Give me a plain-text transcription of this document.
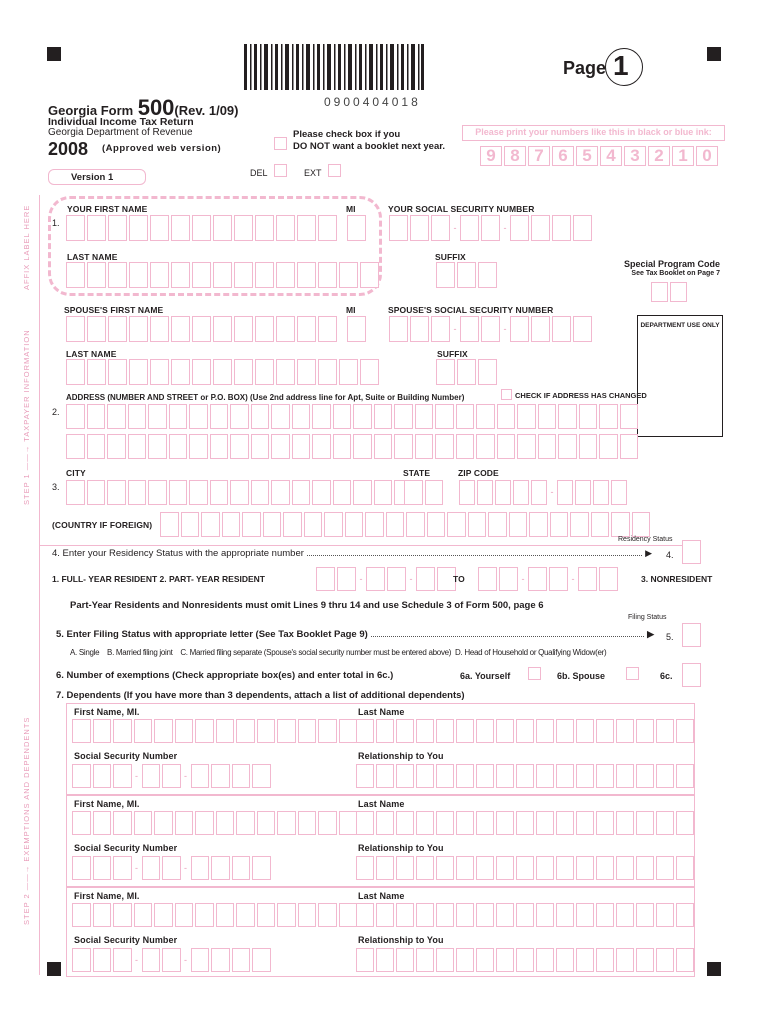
0900404018
Page 1
Georgia Form 500(Rev. 1/09)
Individual Income Tax Return
Georgia Department of Revenue
2008 (Approved web version)
Please check box if you
DO NOT want a booklet next year.
Please print your numbers like this in black or blue ink:
9 8 7 6 5 4 3 2 1 0
DEL	EXT
Version 1
AFFIX LABEL HERE
STEP 1 ——→ TAXPAYER INFORMATION
STEP 2 ——→ EXEMPTIONS AND DEPENDENTS
YOUR FIRST NAME	MI	YOUR SOCIAL SECURITY NUMBER
1.	-	-
LAST NAME	SUFFIX
Special Program Code
See Tax Booklet on Page 7
SPOUSE'S FIRST NAME	MI	SPOUSE'S SOCIAL SECURITY NUMBER
-	-	DEPARTMENT USE ONLY
LAST NAME	SUFFIX
ADDRESS (NUMBER AND STREET or P.O. BOX) (Use 2nd address line for Apt, Suite or Building Number)	CHECK IF ADDRESS HAS CHANGED
2.
CITY	STATE	ZIP CODE
3.	-
(COUNTRY IF FOREIGN)
Residency Status
4. Enter your Residency Status with the appropriate number	▶ 4.
1. FULL- YEAR RESIDENT 2. PART- YEAR RESIDENT	-	-	TO	-	-	3. NONRESIDENT
Part-Year Residents and Nonresidents must omit Lines 9 thru 14 and use Schedule 3 of Form 500, page 6
Filing Status
5. Enter Filing Status with appropriate letter (See Tax Booklet Page 9)	▶ 5.
A. Single B. Married filing joint C. Married filing separate (Spouse's social security number must be entered above) D. Head of Household or Qualifying Widow(er)
6. Number of exemptions (Check appropriate box(es) and enter total in 6c.)	6a. Yourself	6b. Spouse	6c.
7. Dependents (If you have more than 3 dependents, attach a list of additional dependents)
First Name, MI.	Last Name
Social Security Number	Relationship to You
-	-
First Name, MI.	Last Name
Social Security Number	Relationship to You
-	-
First Name, MI.	Last Name
Social Security Number	Relationship to You
-	-
